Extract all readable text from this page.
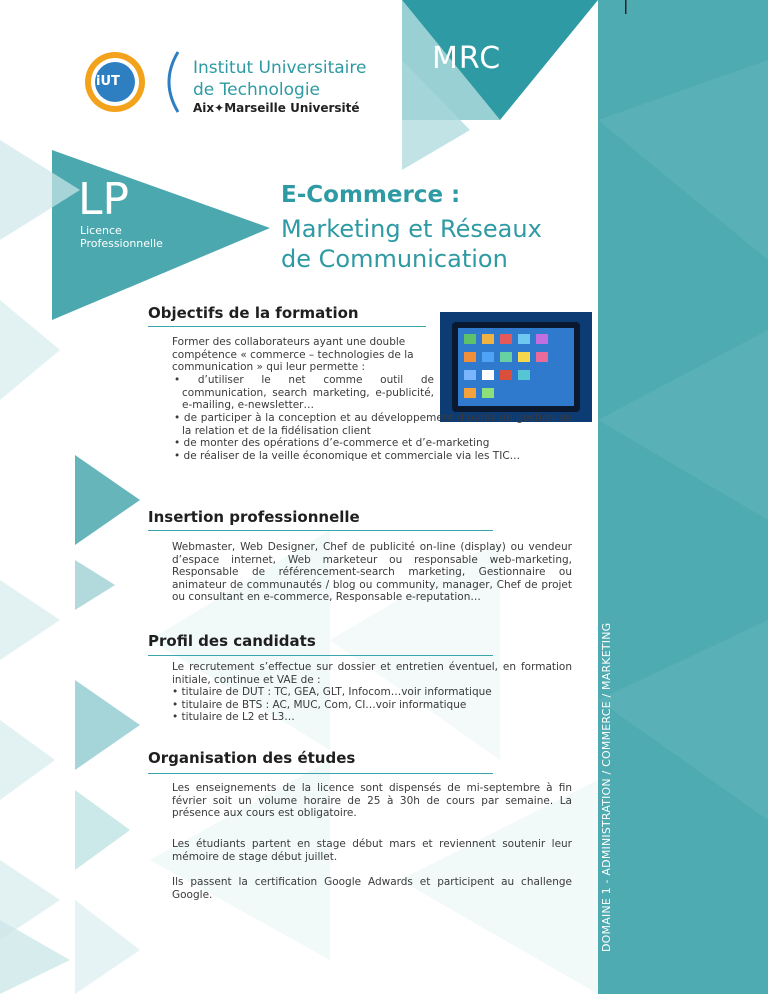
iUT
Institut Universitaire
de Technologie
Aix✦Marseille Université
MRC
LP
Licence
Professionnelle
E-Commerce :
Marketing et Réseaux
de Communication
Objectifs de la formation
Former des collaborateurs ayant une double
compétence « commerce – technologies de la
communication » qui leur permette :
• d’utiliser le net comme outil de communication, search marketing, e-publicité, e-mailing, e-newsletter…
• de participer à la conception et au développement d’outils de gestion de la relation et de la fidélisation client
• de monter des opérations d’e-commerce et d’e-marketing
• de réaliser de la veille économique et commerciale via les TIC…
Insertion professionnelle
Webmaster, Web Designer, Chef de publicité on-line (display) ou vendeur d’espace internet, Web marketeur ou responsable web-marketing, Responsable de référencement-search marketing, Gestionnaire ou animateur de communautés / blog ou community, manager, Chef de projet ou consultant en e-commerce, Responsable e-reputation…
Profil des candidats
Le recrutement s’effectue sur dossier et entretien éventuel, en formation initiale, continue et VAE de :
• titulaire de DUT : TC, GEA, GLT, Infocom…voir informatique
• titulaire de BTS : AC, MUC, Com, CI…voir informatique
• titulaire de L2 et L3…
Organisation des études
Les enseignements de la licence sont dispensés de mi-septembre à fin février soit un volume horaire de 25 à 30h de cours par semaine. La présence aux cours est obligatoire.
Les étudiants partent en stage début mars et reviennent soutenir leur mémoire de stage début juillet.
Ils passent la certification Google Adwards et participent au challenge Google.	DOMAINE 1 - ADMINISTRATION / COMMERCE / MARKETING
